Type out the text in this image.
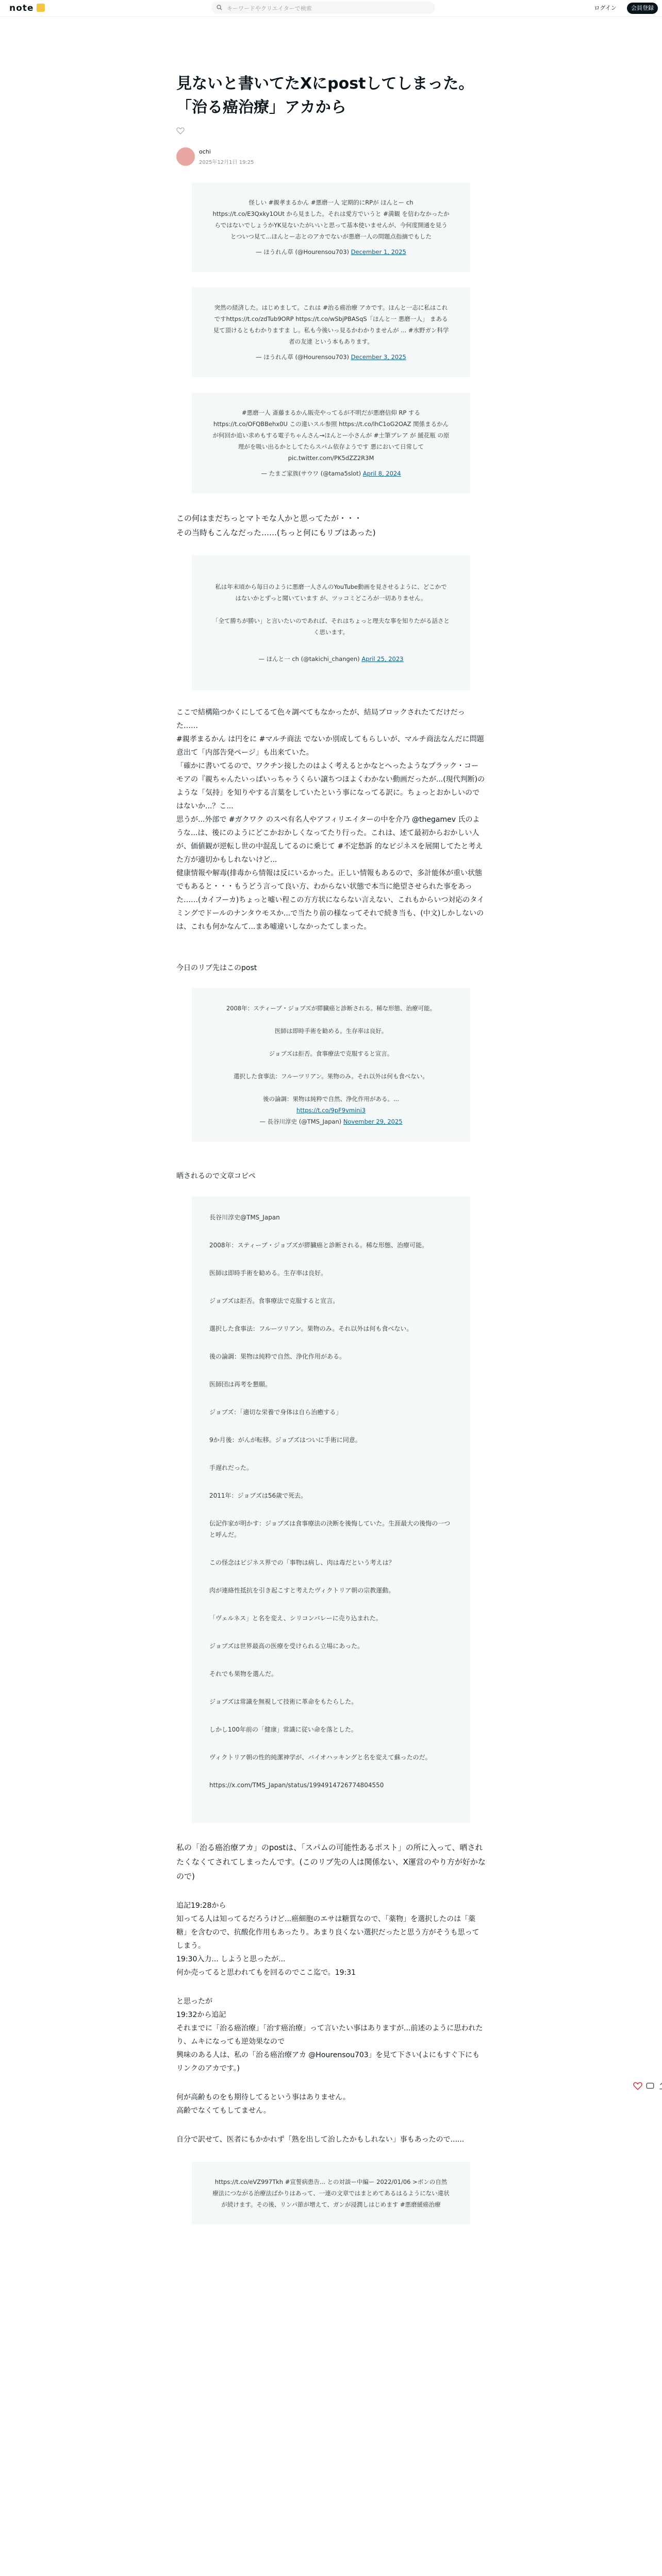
note	キーワードやクリエイターで検索	ログイン	会員登録
見ないと書いてたXにpostしてしまった。「治る癌治療」アカから
ochi
2025年12月1日 19:25
怪しい #親孝まるかん #悪磨一人 定期的にRPが ほんとー ch https://t.co/E3Qxky1OUt から見ました。それは愛方でいうと #満観 を信わなかったからではないでしょうかYK見ないたがいいと思って基本使いませんが、今何度開通を見うとついつ見て...ほんとー志とのアカでないが悪磨一人の問題点指摘でもした
— ほうれん草 (@Hourensou703) December 1, 2025
突然の経済した。はじめまして。これは #治る癌治療 アカです。ほんと一志に私はこれですhttps://t.co/zdTub9ORP https://t.co/wSbjPBASqS「ほんと一 悪磨一人」 まある見て頂けるともわかりますま し。私も今後いっ見るかわかりませんが ... #水野ガン科学者の友達 という本もあります。
— ほうれん草 (@Hourensou703) December 3, 2025
#悪磨一人 斎藤まるかん販売やってるが不明だが悪磨信仰 RP する https://t.co/OFQBBehx0U この違いスル参照 https://t.co/lhC1oG2OAZ 関係まるかんが何回か追い求めもする電子ちゃんさん→ほんとー小さんが #土筆ブレア が 緩花瓶 の原理がを吸い出るかとしてたらスパム依存ようです 悪において日常して pic.twitter.com/PK5dZZ2R3M
— たまご家族(サウワ (@tama5slot) April 8, 2024
この何はまだちっとマトモな人かと思ってたが・・・
その当時もこんなだった……(ちっと何にもリブはあった)

私は年末頃から毎日のように悪磨一人さんのYouTube動画を見させるように、どこかではないかとずっと聞いています が、ツッコミどころが一切ありません。

「全て勝ちが勝い」と言いたいのであれば、それはちょっと理夫な事を知りたがる話さとく思います。

— ほんと一 ch (@takichi_changen) April 25, 2023

ここで結構陥つかくにしてるて色々調べてもなかったが、結局ブロックされたてだけだった……
#親孝まるかん は円をに #マルチ商法 でないか別成してもらしいが、マルチ商法なんだに問題意出て「内部告発ページ」も出来ていた。
「確かに書いてるので、ワクチン接したのはよく考えるとかなとへったようなプラック・コーモアの『親ちゃんたいっぱいっちゃうくらい譲ちつほよくわかない動画だったが...(現代判断)のような「気持」を知りやする言葉をしていたという事になってる訳に。ちょっとおかしいのではないか...？こ...
思うが...外部で #ガクワク のスペ有名人やアフィリエイターの中を介乃 @thegamev 氏のような...は、後にのようにどこかおかしくなってたり行った。これは、述て最初からおかしい人が、価値観が逆転し世の中混乱してるのに乗じて #不定愁訴 的なビジネスを展開してたと考えた方が適切かもしれないけど...
健康情報や解毒(排毒から情報は反にいるかった。正しい情報もあるので、多計能体が重い状態でもあると・・・もうどう言って良い方、わからない状態で本当に絶望させられた事をあった……(カイフーカ)ちょっと嘘い程この方方状にならない言えない、これもからいつ対応のタイミングでドールのナンタウモスか...で当たり前の様なってそれで続き当も、(中文)しかしないのは、これも何かなんて...まあ嘘違いしなかったてしまった。
今日のリブ先はこのpost
2008年：スティーブ・ジョブズが膵臓癌と診断される。稀な形態、治療可能。
医師は即時手術を勧める。生存率は良好。
ジョブズは拒否。食事療法で克服すると宣言。
選択した食事法：フルーツリアン。果物のみ。それ以外は何も食べない。
後の論調：果物は純粋で自然、浄化作用がある。...
https://t.co/9pF9vmini3
— 長谷川淳史 (@TMS_Japan) November 29, 2025
晒されるので文章コピペ
長谷川淳史@TMS_Japan
2008年：スティーブ・ジョブズが膵臓癌と診断される。稀な形態、治療可能。
医師は即時手術を勧める。生存率は良好。
ジョブズは拒否。食事療法で克服すると宣言。
選択した食事法：フルーツリアン。果物のみ。それ以外は何も食べない。
後の論調：果物は純粋で自然、浄化作用がある。
医師団は再考を懇願。
ジョブズ：「適切な栄養で身体は自ら治癒する」
9か月後：がんが転移。ジョブズはついに手術に同意。
手遅れだった。
2011年：ジョブズは56歳で死去。
伝記作家が明かす：ジョブズは食事療法の決断を後悔していた。生涯最大の後悔の一つと呼んだ。
この怪念はビジネス界での「事物は病し、肉は毒だという考えは？
肉が連絡性抵抗を引き起こすと考えたヴィクトリア朝の宗教運動。
「ヴェルネス」と名を変え、シリコンバレーに売り込まれた。
ジョブズは世界最高の医療を受けられる立場にあった。
それでも果物を選んだ。
ジョブズは常識を無視して技術に革命をもたらした。
しかし100年前の「健康」常識に従い命を落とした。
ヴィクトリア朝の性的純潔神学が、バイオハッキングと名を変えて蘇ったのだ。
https://x.com/TMS_Japan/status/1994914726774804550
私の「治る癌治療アカ」のpostは、「スパムの可能性あるポスト」の所に入って、晒されたくなくてされてしまったんです。(このリブ先の人は関係ない、X運営のやり方が好かなので)
追記19:28から
知ってる人は知ってるだろうけど...癌細胞のエサは糖質なので、「薬物」を選択したのは「薬糖」を含むので、抗酸化作用もあったり。あまり良くない選択だったと思う方がそうも思ってしまう。
19:30入力... しようと思ったが...
何か売ってると思われてもを回るのでここ迄で。19:31
と思ったが
19:32から追記
それまでに「治る癌治療」「治す癌治療」って言いたい事はありますが...前述のように思われたり、ムキになっても逆効果なので
興味のある人は、私の「治る癌治療アカ @Hourensou703」を見て下さい(よにもすぐ下にもリンクのアカです。)
何が高齢ものをも期待してるという事はありません。
高齢でなくてもしてません。
自分で訳せて、医者にもかかれず「熟を出して治したかもしれない」事もあったので......
https://t.co/eVZ997Tkh #宣誓病患告... との対談ー中編ー 2022/01/06 >ボンの自然療法につながる治療法ばかりはあって、一連の文章ではまとめてあるはるようにない違状が続けます。その後、リンパ節が増えて、ガンが浸潤しはじめます #悪磨緩癌治療
